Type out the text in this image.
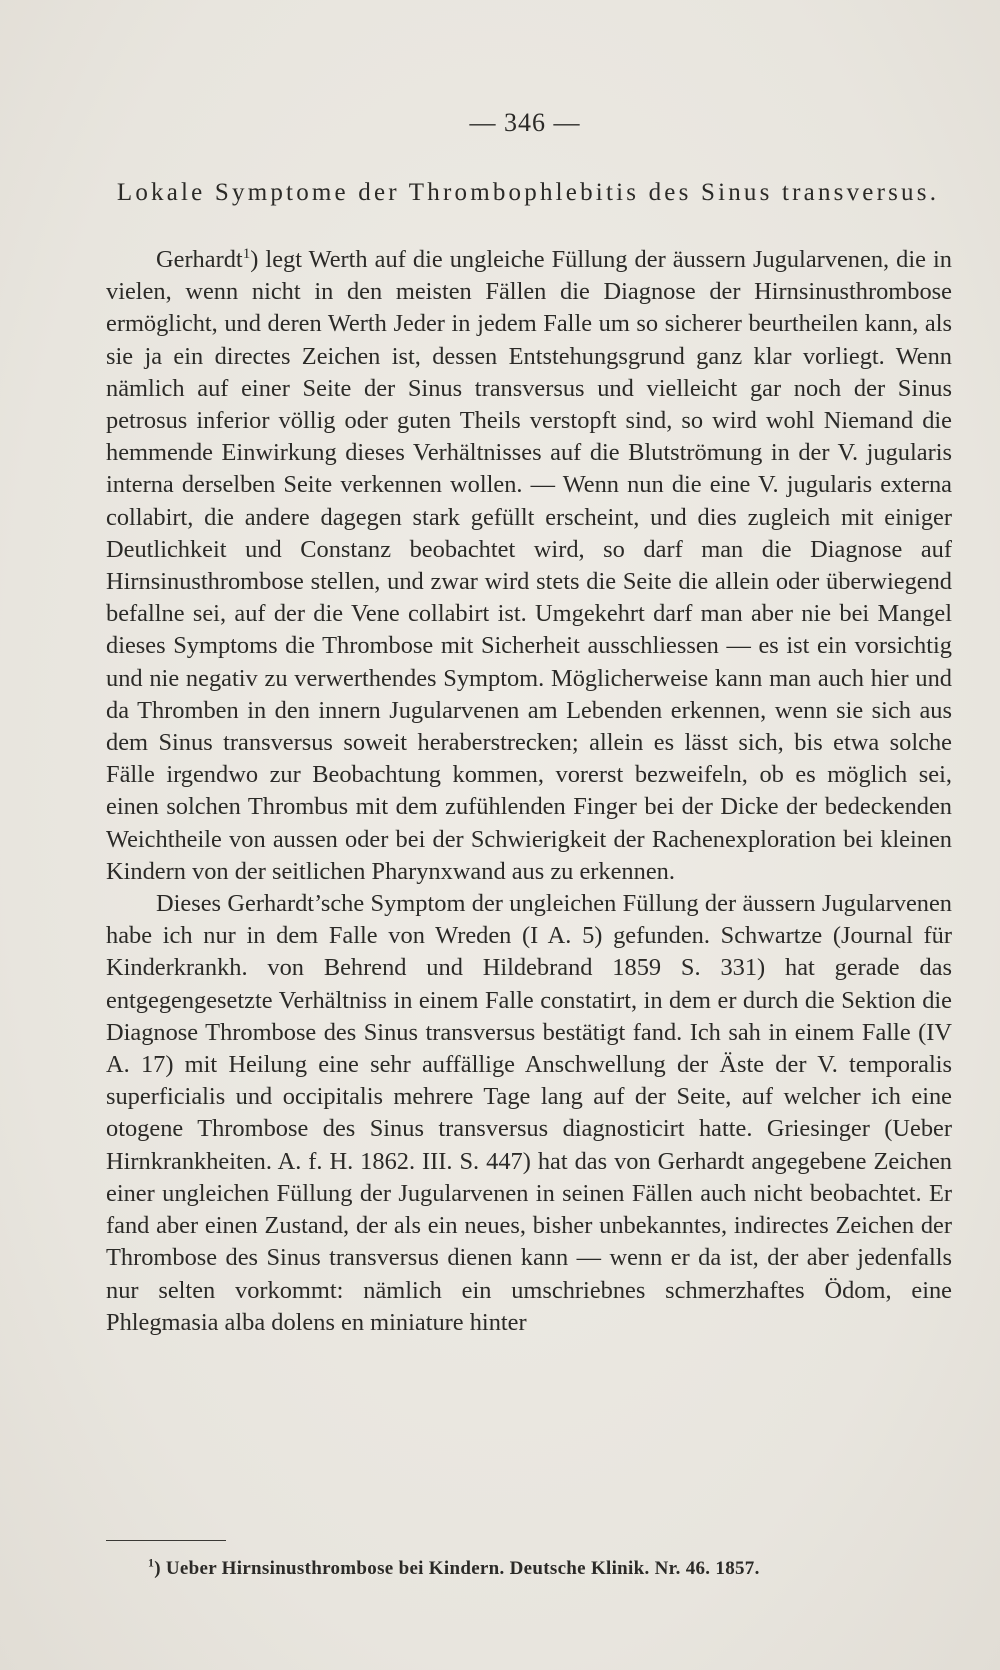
— 346 —
Lokale Symptome der Thrombophlebitis des Sinus transversus.

Gerhardt$^1$) legt Werth auf die ungleiche Füllung der äussern Jugularvenen, die in vielen, wenn nicht in den meisten Fällen die Diagnose der Hirnsinusthrombose ermöglicht, und deren Werth Jeder in jedem Falle um so sicherer beurtheilen kann, als sie ja ein directes Zeichen ist, dessen Entstehungsgrund ganz klar vorliegt. Wenn nämlich auf einer Seite der Sinus transversus und vielleicht gar noch der Sinus petrosus inferior völlig oder guten Theils verstopft sind, so wird wohl Niemand die hemmende Einwirkung dieses Verhältnisses auf die Blutströmung in der V. jugularis interna derselben Seite verkennen wollen. — Wenn nun die eine V. jugularis externa collabirt, die andere dagegen stark gefüllt erscheint, und dies zugleich mit einiger Deutlichkeit und Constanz beobachtet wird, so darf man die Diagnose auf Hirnsinusthrombose stellen, und zwar wird stets die Seite die allein oder überwiegend befallne sei, auf der die Vene collabirt ist. Umgekehrt darf man aber nie bei Mangel dieses Symptoms die Thrombose mit Sicherheit ausschliessen — es ist ein vorsichtig und nie negativ zu verwerthendes Symptom. Möglicherweise kann man auch hier und da Thromben in den innern Jugularvenen am Lebenden erkennen, wenn sie sich aus dem Sinus transversus soweit heraberstrecken; allein es lässt sich, bis etwa solche Fälle irgendwo zur Beobachtung kommen, vorerst bezweifeln, ob es möglich sei, einen solchen Thrombus mit dem zufühlenden Finger bei der Dicke der bedeckenden Weichtheile von aussen oder bei der Schwierigkeit der Rachenexploration bei kleinen Kindern von der seitlichen Pharynxwand aus zu erkennen.

Dieses Gerhardt’sche Symptom der ungleichen Füllung der äussern Jugularvenen habe ich nur in dem Falle von Wreden (I A. 5) gefunden. Schwartze (Journal für Kinderkrankh. von Behrend und Hildebrand 1859 S. 331) hat gerade das entgegengesetzte Verhältniss in einem Falle constatirt, in dem er durch die Sektion die Diagnose Thrombose des Sinus transversus bestätigt fand. Ich sah in einem Falle (IV A. 17) mit Heilung eine sehr auffällige Anschwellung der Äste der V. temporalis superficialis und occipitalis mehrere Tage lang auf der Seite, auf welcher ich eine otogene Thrombose des Sinus transversus diagnosticirt hatte. Griesinger (Ueber Hirnkrankheiten. A. f. H. 1862. III. S. 447) hat das von Gerhardt angegebene Zeichen einer ungleichen Füllung der Jugularvenen in seinen Fällen auch nicht beobachtet. Er fand aber einen Zustand, der als ein neues, bisher unbekanntes, indirectes Zeichen der Thrombose des Sinus transversus dienen kann — wenn er da ist, der aber jedenfalls nur selten vorkommt: nämlich ein umschriebnes schmerzhaftes Ödom, eine Phlegmasia alba dolens en miniature hinter

$^1$) Ueber Hirnsinusthrombose bei Kindern. Deutsche Klinik. Nr. 46. 1857.
